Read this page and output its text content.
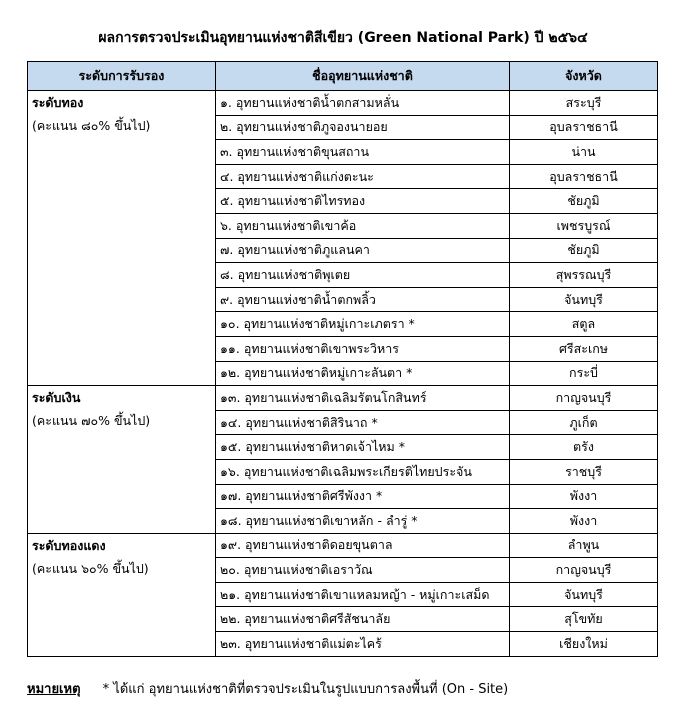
ผลการตรวจประเมินอุทยานแห่งชาติสีเขียว (Green National Park) ปี ๒๕๖๔
ระดับการรับรอง	ชื่ออุทยานแห่งชาติ	จังหวัด

ระดับทอง
(คะแนน ๘๐% ขึ้นไป)	๑. อุทยานแห่งชาติน้ำตกสามหลั่น	สระบุรี
	๒. อุทยานแห่งชาติภูจองนายอย	อุบลราชธานี
	๓. อุทยานแห่งชาติขุนสถาน	น่าน
	๔. อุทยานแห่งชาติแก่งตะนะ	อุบลราชธานี
	๕. อุทยานแห่งชาติไทรทอง	ชัยภูมิ
	๖. อุทยานแห่งชาติเขาค้อ	เพชรบูรณ์
	๗. อุทยานแห่งชาติภูแลนคา	ชัยภูมิ
	๘. อุทยานแห่งชาติพุเตย	สุพรรณบุรี
	๙. อุทยานแห่งชาติน้ำตกพลิ้ว	จันทบุรี
	๑๐. อุทยานแห่งชาติหมู่เกาะเภตรา *	สตูล
	๑๑. อุทยานแห่งชาติเขาพระวิหาร	ศรีสะเกษ
	๑๒. อุทยานแห่งชาติหมู่เกาะลันตา *	กระบี่

ระดับเงิน
(คะแนน ๗๐% ขึ้นไป)	๑๓. อุทยานแห่งชาติเฉลิมรัตนโกสินทร์	กาญจนบุรี
	๑๔. อุทยานแห่งชาติสิรินาถ *	ภูเก็ต
	๑๕. อุทยานแห่งชาติหาดเจ้าไหม *	ตรัง
	๑๖. อุทยานแห่งชาติเฉลิมพระเกียรติไทยประจัน	ราชบุรี
	๑๗. อุทยานแห่งชาติศรีพังงา *	พังงา
	๑๘. อุทยานแห่งชาติเขาหลัก - ลำรู่ *	พังงา

ระดับทองแดง
(คะแนน ๖๐% ขึ้นไป)	๑๙. อุทยานแห่งชาติดอยขุนตาล	ลำพูน
	๒๐. อุทยานแห่งชาติเอราวัณ	กาญจนบุรี
	๒๑. อุทยานแห่งชาติเขาแหลมหญ้า - หมู่เกาะเสม็ด	จันทบุรี
	๒๒. อุทยานแห่งชาติศรีสัชนาลัย	สุโขทัย
	๒๓. อุทยานแห่งชาติแม่ตะไคร้	เชียงใหม่
หมายเหตุ * ได้แก่ อุทยานแห่งชาติที่ตรวจประเมินในรูปแบบการลงพื้นที่ (On - Site)
